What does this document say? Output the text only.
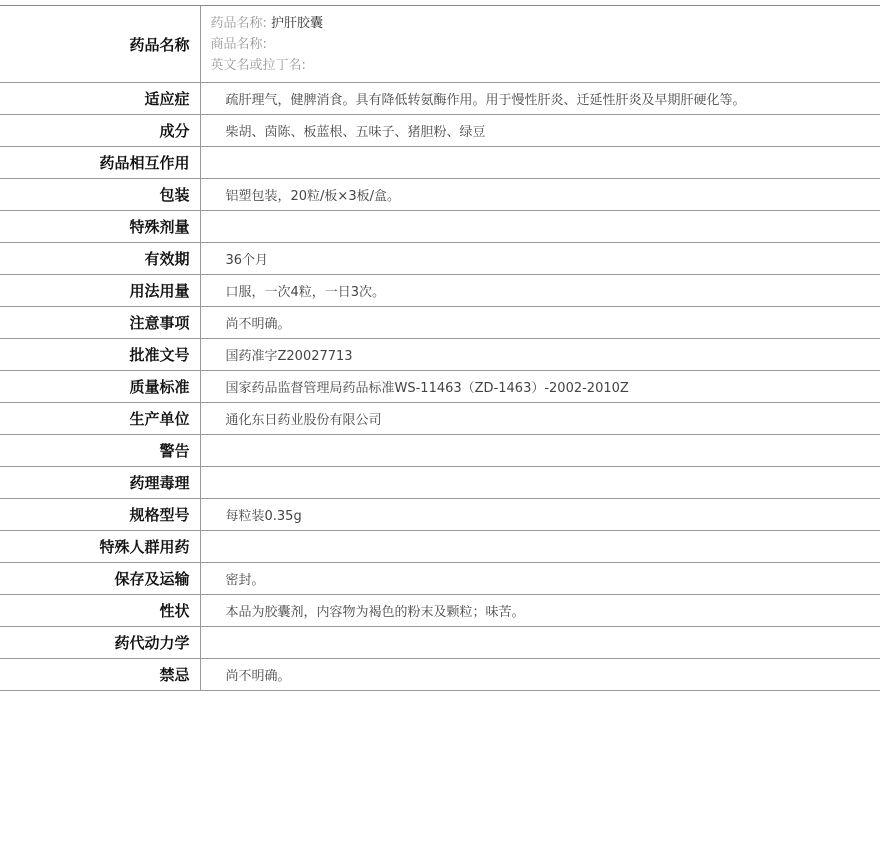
药品名称	药品名称: 护肝胶囊
商品名称:
英文名或拉丁名:

适应症	疏肝理气，健脾消食。具有降低转氨酶作用。用于慢性肝炎、迁延性肝炎及早期肝硬化等。
成分	柴胡、茵陈、板蓝根、五味子、猪胆粉、绿豆
药品相互作用	
包装	铝塑包装，20粒/板×3板/盒。
特殊剂量	
有效期	36个月
用法用量	口服，一次4粒，一日3次。
注意事项	尚不明确。
批准文号	国药准字Z20027713
质量标准	国家药品监督管理局药品标准WS-11463（ZD-1463）-2002-2010Z
生产单位	通化东日药业股份有限公司
警告	
药理毒理	
规格型号	每粒装0.35g
特殊人群用药	
保存及运输	密封。
性状	本品为胶囊剂，内容物为褐色的粉末及颗粒；味苦。
药代动力学	
禁忌	尚不明确。
